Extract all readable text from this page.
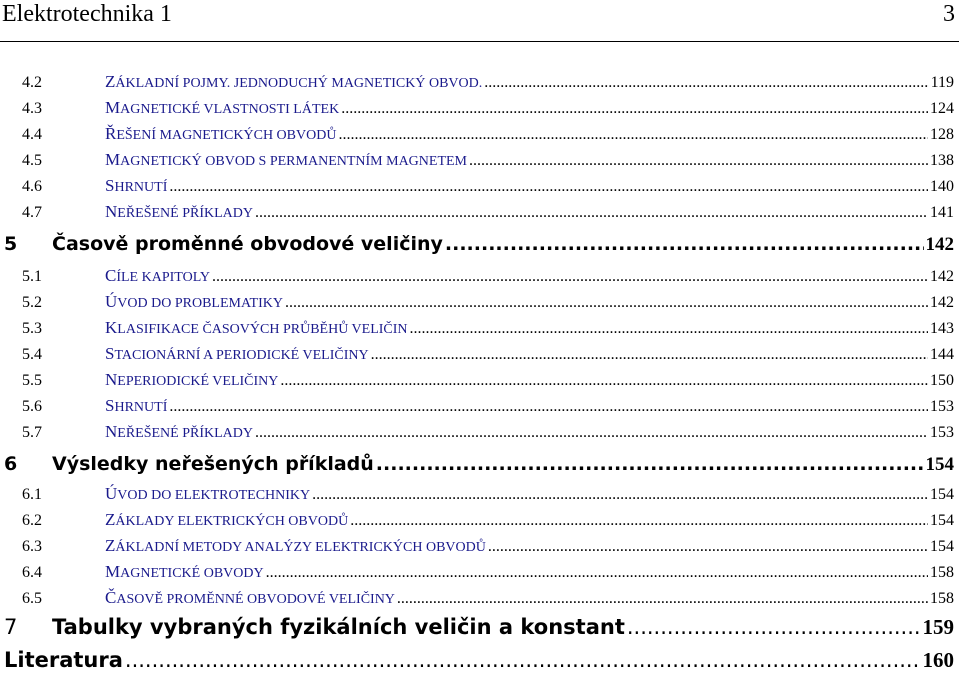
Elektrotechnika 1	3
4.2	ZÁKLADNÍ POJMY. JEDNODUCHÝ MAGNETICKÝ OBVOD. .....	119
4.3	MAGNETICKÉ VLASTNOSTI LÁTEK .....	124
4.4	ŘEŠENÍ MAGNETICKÝCH OBVODŮ .....	128
4.5	MAGNETICKÝ OBVOD S PERMANENTNÍM MAGNETEM .....	138
4.6	SHRNUTÍ .....	140
4.7	NEŘEŠENÉ PŘÍKLADY .....	141
5	Časově proměnné obvodové veličiny .....	142
5.1	CÍLE KAPITOLY .....	142
5.2	ÚVOD DO PROBLEMATIKY .....	142
5.3	KLASIFIKACE ČASOVÝCH PRŮBĚHŮ VELIČIN .....	143
5.4	STACIONÁRNÍ A PERIODICKÉ VELIČINY .....	144
5.5	NEPERIODICKÉ VELIČINY .....	150
5.6	SHRNUTÍ .....	153
5.7	NEŘEŠENÉ PŘÍKLADY .....	153
6	Výsledky neřešených příkladů .....	154
6.1	ÚVOD DO ELEKTROTECHNIKY .....	154
6.2	ZÁKLADY ELEKTRICKÝCH OBVODŮ .....	154
6.3	ZÁKLADNÍ METODY ANALÝZY ELEKTRICKÝCH OBVODŮ .....	154
6.4	MAGNETICKÉ OBVODY .....	158
6.5	ČASOVĚ PROMĚNNÉ OBVODOVÉ VELIČINY .....	158
7	Tabulky vybraných fyzikálních veličin a konstant .....	159
Literatura .....	160
